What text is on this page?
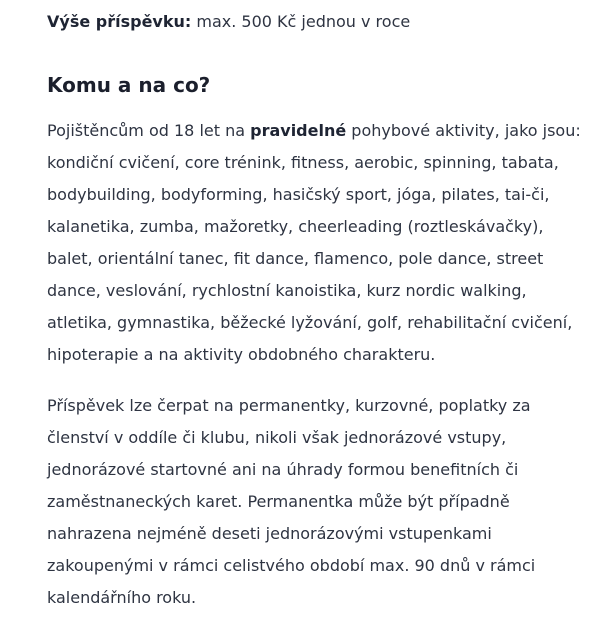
Výše příspěvku: max. 500 Kč jednou v roce

Komu a na co?

Pojištěncům od 18 let na pravidelné pohybové aktivity, jako jsou:
kondiční cvičení, core trénink, fitness, aerobic, spinning, tabata,
bodybuilding, bodyforming, hasičský sport, jóga, pilates, tai-či,
kalanetika, zumba, mažoretky, cheerleading (roztleskávačky),
balet, orientální tanec, fit dance, flamenco, pole dance, street
dance, veslování, rychlostní kanoistika, kurz nordic walking,
atletika, gymnastika, běžecké lyžování, golf, rehabilitační cvičení,
hipoterapie a na aktivity obdobného charakteru.

Příspěvek lze čerpat na permanentky, kurzovné, poplatky za
členství v oddíle či klubu, nikoli však jednorázové vstupy,
jednorázové startovné ani na úhrady formou benefitních či
zaměstnaneckých karet. Permanentka může být případně
nahrazena nejméně deseti jednorázovými vstupenkami
zakoupenými v rámci celistvého období max. 90 dnů v rámci
kalendářního roku.
